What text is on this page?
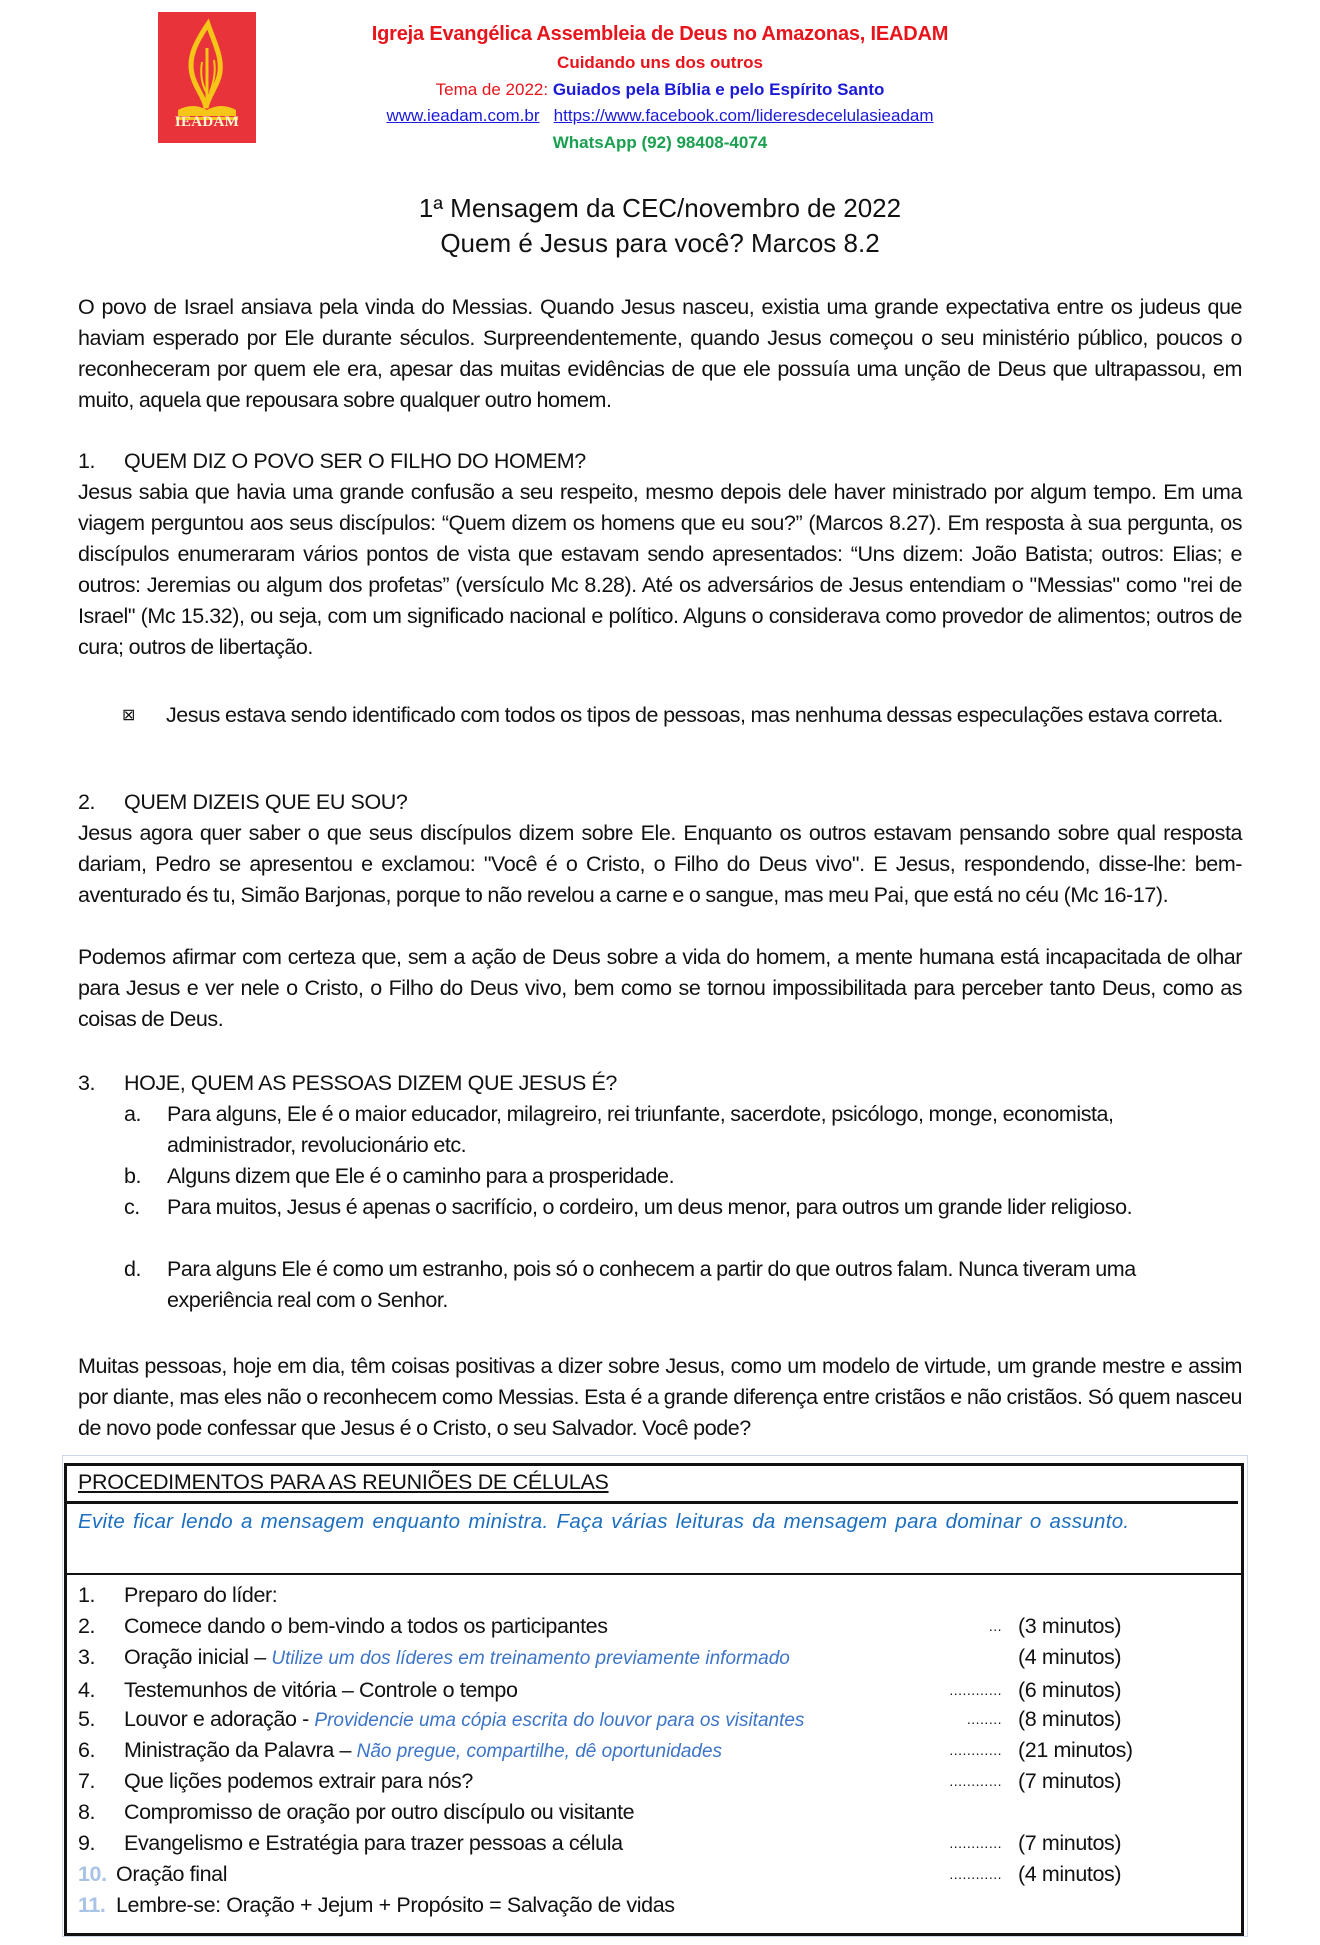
IEADAM
Igreja Evangélica Assembleia de Deus no Amazonas, IEADAM
Cuidando uns dos outros
Tema de 2022: Guiados pela Bíblia e pelo Espírito Santo
www.ieadam.com.br https://www.facebook.com/lideresdecelulasieadam
WhatsApp (92) 98408-4074
1ª Mensagem da CEC/novembro de 2022
Quem é Jesus para você? Marcos 8.2
O povo de Israel ansiava pela vinda do Messias. Quando Jesus nasceu, existia uma grande expectativa entre os judeus que haviam esperado por Ele durante séculos. Surpreendentemente, quando Jesus começou o seu ministério público, poucos o reconheceram por quem ele era, apesar das muitas evidências de que ele possuía uma unção de Deus que ultrapassou, em muito, aquela que repousara sobre qualquer outro homem.
1. QUEM DIZ O POVO SER O FILHO DO HOMEM?
Jesus sabia que havia uma grande confusão a seu respeito, mesmo depois dele haver ministrado por algum tempo. Em uma viagem perguntou aos seus discípulos: “Quem dizem os homens que eu sou?” (Marcos 8.27). Em resposta à sua pergunta, os discípulos enumeraram vários pontos de vista que estavam sendo apresentados: “Uns dizem: João Batista; outros: Elias; e outros: Jeremias ou algum dos profetas” (versículo Mc 8.28). Até os adversários de Jesus entendiam o "Messias" como "rei de Israel" (Mc 15.32), ou seja, com um significado nacional e político. Alguns o considerava como provedor de alimentos; outros de cura; outros de libertação.
⊠ Jesus estava sendo identificado com todos os tipos de pessoas, mas nenhuma dessas especulações estava correta.
2. QUEM DIZEIS QUE EU SOU?
Jesus agora quer saber o que seus discípulos dizem sobre Ele. Enquanto os outros estavam pensando sobre qual resposta dariam, Pedro se apresentou e exclamou: "Você é o Cristo, o Filho do Deus vivo". E Jesus, respondendo, disse-lhe: bem-aventurado és tu, Simão Barjonas, porque to não revelou a carne e o sangue, mas meu Pai, que está no céu (Mc 16-17).
Podemos afirmar com certeza que, sem a ação de Deus sobre a vida do homem, a mente humana está incapacitada de olhar para Jesus e ver nele o Cristo, o Filho do Deus vivo, bem como se tornou impossibilitada para perceber tanto Deus, como as coisas de Deus.
3. HOJE, QUEM AS PESSOAS DIZEM QUE JESUS É?
a. Para alguns, Ele é o maior educador, milagreiro, rei triunfante, sacerdote, psicólogo, monge, economista, administrador, revolucionário etc.
b. Alguns dizem que Ele é o caminho para a prosperidade.
c. Para muitos, Jesus é apenas o sacrifício, o cordeiro, um deus menor, para outros um grande lider religioso.
d. Para alguns Ele é como um estranho, pois só o conhecem a partir do que outros falam. Nunca tiveram uma experiência real com o Senhor.
Muitas pessoas, hoje em dia, têm coisas positivas a dizer sobre Jesus, como um modelo de virtude, um grande mestre e assim por diante, mas eles não o reconhecem como Messias. Esta é a grande diferença entre cristãos e não cristãos. Só quem nasceu de novo pode confessar que Jesus é o Cristo, o seu Salvador. Você pode?
PROCEDIMENTOS PARA AS REUNIÕES DE CÉLULAS
Evite ficar lendo a mensagem enquanto ministra. Faça várias leituras da mensagem para dominar o assunto.
1. Preparo do líder:
2. Comece dando o bem-vindo a todos os participantes	... (3 minutos)
3. Oração inicial – Utilize um dos líderes em treinamento previamente informado	(4 minutos)
4. Testemunhos de vitória – Controle o tempo	............ (6 minutos)
5. Louvor e adoração - Providencie uma cópia escrita do louvor para os visitantes	........ (8 minutos)
6. Ministração da Palavra – Não pregue, compartilhe, dê oportunidades	............ (21 minutos)
7. Que lições podemos extrair para nós?	............ (7 minutos)
8. Compromisso de oração por outro discípulo ou visitante
9. Evangelismo e Estratégia para trazer pessoas a célula	............ (7 minutos)
10. Oração final	............ (4 minutos)
11. Lembre-se: Oração + Jejum + Propósito = Salvação de vidas
